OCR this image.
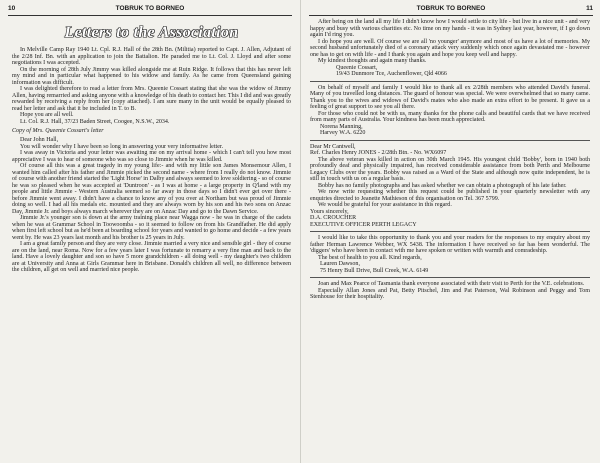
10	TOBRUK TO BORNEO
Letters to the Association

In Melville Camp Ray 1940 Lt. Cpl. R.J. Hall of the 28th Bn. (Militia) reported to Capt. J. Allen, Adjutant of the 2/28 Inf. Bn. with an application to join the Battalion. He paraded me to Lt. Col. J. Lloyd and after some negotiations I was accepted.

On the morning of 28th July Jimmy was killed alongside me at Ruin Ridge. It follows that this has never left my mind and in particular what happened to his widow and family. As he came from Queensland gaining information was difficult.

I was delighted therefore to read a letter from Mrs. Queenie Cossart stating that she was the widow of Jimmy Allen, having remarried and asking anyone with a knowledge of his death to contact her. This I did and was greatly rewarded by receiving a reply from her (copy attached). I am sure many in the unit would be equally pleased to read her letter and ask that it be included in T. to B.

Hope you are all well.

Lt. Col. R.J. Hall, 37/23 Baden Street, Coogee, N.S.W., 2034.

Copy of Mrs. Queenie Cossart's letter

Dear John Hall,

You will wonder why I have been so long in answering your very informative letter.

I was away in Victoria and your letter was awaiting me on my arrival home - which I can't tell you how most appreciative I was to hear of someone who was so close to Jimmie when he was killed.

Of course all this was a great tragedy in my young life:- and with my little son James Monsemour Allen, I wanted him called after his father and Jimmie picked the second name - where from I really do not know. Jimmie of course with another friend started the 'Light Horse' in Dalby and always seemed to love soldiering - so of course he was so pleased when he was accepted at 'Duntroon' - as I was at home - a large property in Q'land with my people and little Jimmie - Western Australia seemed so far away in those days so I didn't ever get over there - before Jimmie went away. I didn't have a chance to know any of you over at Northam but was proud of Jimmie doing so well. I had all his medals etc. mounted and they are always worn by his son and his two sons on Anzac Day, Jimmie Jr. and boys always march wherever they are on Anzac Day and go to the Dawn Service.

Jimmie Jr.'s younger son is down at the army training place near Wagga now - he was in charge of the cadets when he was at Grammar School in Toowoomba - so it seemed to follow on from his Grandfather. He did apply when first left school but as he'd been at boarding school for years and wanted to go home and decide - a few years went by. He was 23 years last month and his brother is 25 years in July.

I am a great family person and they are very close. Jimmie married a very nice and sensible girl - they of course are on the land, near Roma. Now for a few years later I was fortunate to remarry a very fine man and back to the land. Have a lovely daughter and son so have 5 more grandchildren - all doing well - my daughter's two children are at University and Anna at Girls Grammar here in Brisbane. Donald's children all well, no difference between the children, all get on well and married nice people.

TOBRUK TO BORNEO	11

After being on the land all my life I didn't know how I would settle to city life - but live in a nice unit - and very happy and busy with various charities etc. No time on my hands - it was in Sydney last year, however, if I go down again I'd ring you.

I do hope you are well. Of course we are all 'no younger' anymore and most of us have a lot of memories. My second husband unfortunately died of a coronary attack very suddenly which once again devastated me - however one has to get on with life - and I thank you again and hope you keep well and happy.

My kindest thoughts and again many thanks.

Queenie Cossart,

19/43 Dunmore Tce, Auchenflower, Qld 4066

On behalf of myself and family I would like to thank all ex 2/28th members who attended David's funeral. Many of you travelled long distances. The guard of honour was special. We were overwhelmed that so many came. Thank you to the wives and widows of David's mates who also made an extra effort to be present. It gave us a feeling of great support to see you all there.

For those who could not be with us, many thanks for the phone calls and beautiful cards that we have received from many parts of Australia. Your kindness has been much appreciated.

Norena Manning,

Harvey W.A. 6220

Dear Mr Cantwell,

Ref. Charles Henry JONES - 2/28th Btn. - No. WX6097

The above veteran was killed in action on 30th March 1945. His youngest child 'Bobby', born in 1940 both profoundly deaf and physically impaired, has received considerable assistance from both Perth and Melbourne Legacy Clubs over the years. Bobby was raised as a Ward of the State and although now quite independent, he is still in touch with us on a regular basis.

Bobby has no family photographs and has asked whether we can obtain a photograph of his late father.

We now write requesting whether this request could be published in your quarterly newsletter with any enquiries directed to Jeanette Mathieson of this organisation on Tel. 367 5799.

We would be grateful for your assistance in this regard.

Yours sincerely,

D.A. CROUCHER

EXECUTIVE OFFICER PERTH LEGACY

I would like to take this opportunity to thank you and your readers for the responses to my enquiry about my father Herman Lawrence Webber, WX 5438. The information I have received so far has been wonderful. The 'diggers' who have been in contact with me have spoken or written with warmth and comradeship.

The best of health to you all. Kind regards,

Lauren Dawson,

75 Henry Bull Drive, Bull Creek, W.A. 6149

Joan and Max Pearce of Tasmania thank everyone associated with their visit to Perth for the V.E. celebrations.

Especially Allan Jones and Pat, Betty Pitschel, Jim and Pat Paterson, Wal Robinson and Peggy and Tom Stenhouse for their hospitality.
